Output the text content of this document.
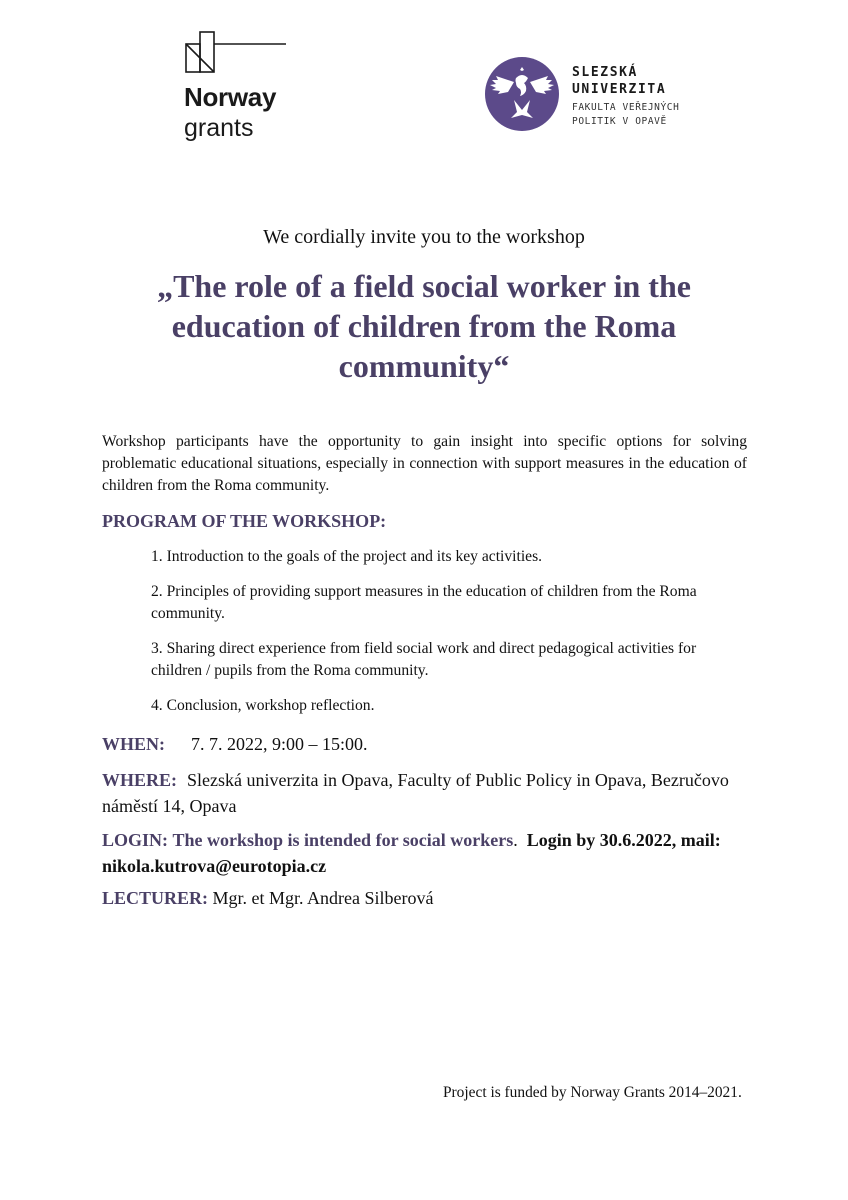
Norway
grants
SLEZSKÁ
UNIVERZITA
FAKULTA VEŘEJNÝCH
POLITIK V OPAVĚ
We cordially invite you to the workshop
„The role of a field social worker in the education of children from the Roma community“
Workshop participants have the opportunity to gain insight into specific options for solving problematic educational situations, especially in connection with support measures in the education of children from the Roma community.
PROGRAM OF THE WORKSHOP:
1. Introduction to the goals of the project and its key activities.
2. Principles of providing support measures in the education of children from the Roma community.
3. Sharing direct experience from field social work and direct pedagogical activities for children / pupils from the Roma community.
4. Conclusion, workshop reflection.
WHEN: 7. 7. 2022, 9:00 – 15:00.
WHERE: Slezská univerzita in Opava, Faculty of Public Policy in Opava, Bezručovo náměstí 14, Opava
LOGIN: The workshop is intended for social workers.  Login by 30.6.2022, mail: nikola.kutrova@eurotopia.cz
LECTURER: Mgr. et Mgr. Andrea Silberová
Project is funded by Norway Grants 2014–2021.
